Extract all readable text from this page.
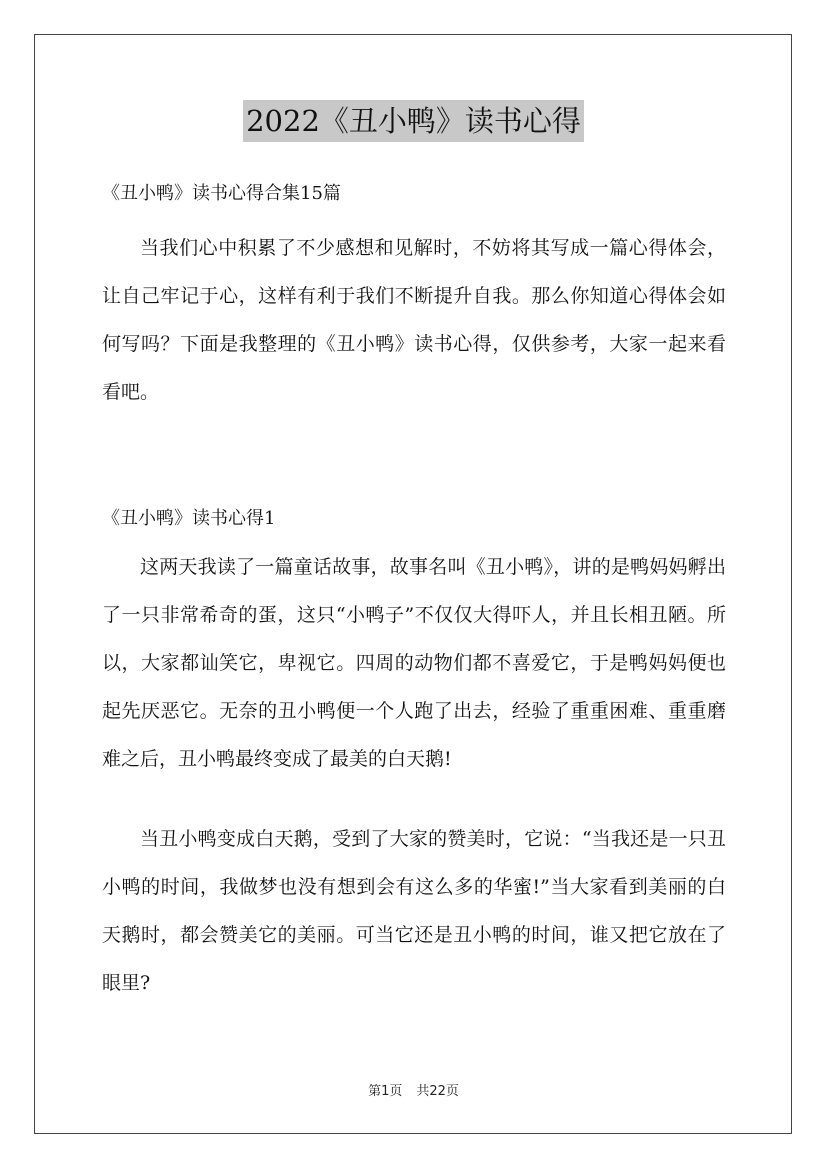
2022《丑小鸭》读书心得
《丑小鸭》读书心得合集15篇

当我们心中积累了不少感想和见解时，不妨将其写成一篇心得体会，让自己牢记于心，这样有利于我们不断提升自我。那么你知道心得体会如何写吗？下面是我整理的《丑小鸭》读书心得，仅供参考，大家一起来看看吧。

《丑小鸭》读书心得1

这两天我读了一篇童话故事，故事名叫《丑小鸭》，讲的是鸭妈妈孵出了一只非常希奇的蛋，这只“小鸭子”不仅仅大得吓人，并且长相丑陋。所以，大家都讪笑它，卑视它。四周的动物们都不喜爱它，于是鸭妈妈便也起先厌恶它。无奈的丑小鸭便一个人跑了出去，经验了重重困难、重重磨难之后，丑小鸭最终变成了最美的白天鹅!

当丑小鸭变成白天鹅，受到了大家的赞美时，它说：“当我还是一只丑小鸭的时间，我做梦也没有想到会有这么多的华蜜!”当大家看到美丽的白天鹅时，都会赞美它的美丽。可当它还是丑小鸭的时间，谁又把它放在了眼里?

第1页 共22页
